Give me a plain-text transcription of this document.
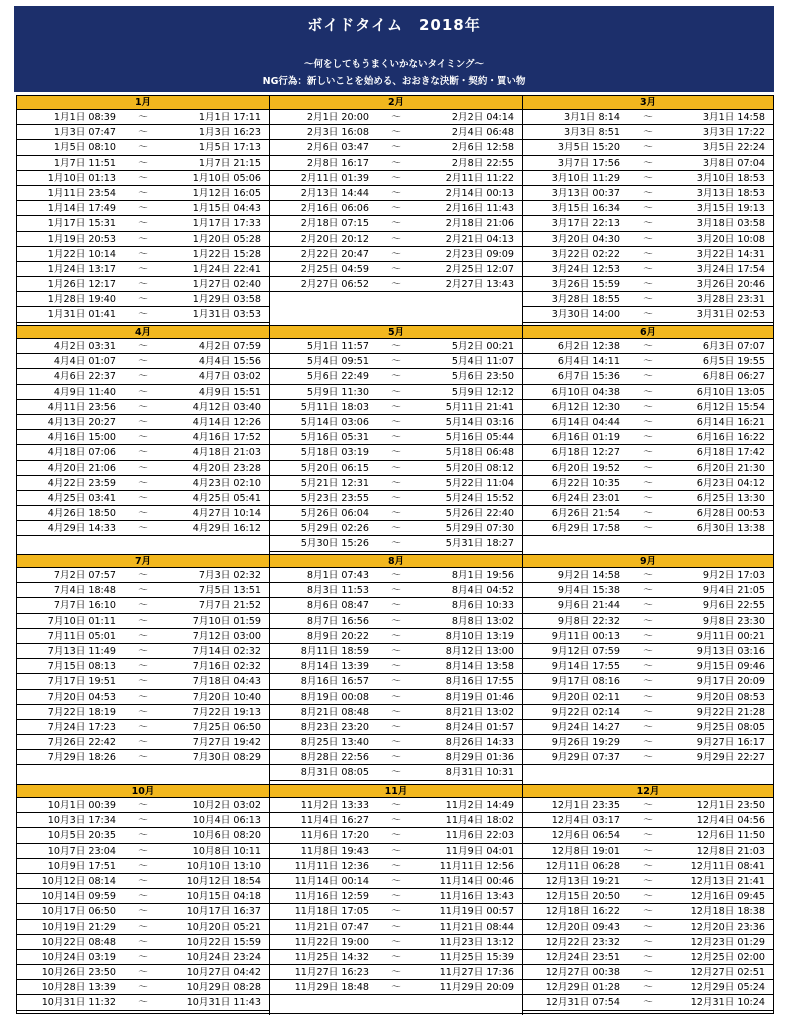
ボイドタイム　2018年
～何をしてもうまくいかないタイミング～
NG行為：新しいことを始める、おおきな決断・契約・買い物
1月
1月1日 08:39 ～	1月1日 17:11
1月3日 07:47 ～	1月3日 16:23
1月5日 08:10 ～	1月5日 17:13
1月7日 11:51 ～	1月7日 21:15
1月10日 01:13 ～	1月10日 05:06
1月11日 23:54 ～	1月12日 16:05
1月14日 17:49 ～	1月15日 04:43
1月17日 15:31 ～	1月17日 17:33
1月19日 20:53 ～	1月20日 05:28
1月22日 10:14 ～	1月22日 15:28
1月24日 13:17 ～	1月24日 22:41
1月26日 12:17 ～	1月27日 02:40
1月28日 19:40 ～	1月29日 03:58
1月31日 01:41 ～	1月31日 03:53
2月
2月1日 20:00 ～	2月2日 04:14
2月3日 16:08 ～	2月4日 06:48
2月6日 03:47 ～	2月6日 12:58
2月8日 16:17 ～	2月8日 22:55
2月11日 01:39 ～	2月11日 11:22
2月13日 14:44 ～	2月14日 00:13
2月16日 06:06 ～	2月16日 11:43
2月18日 07:15 ～	2月18日 21:06
2月20日 20:12 ～	2月21日 04:13
2月22日 20:47 ～	2月23日 09:09
2月25日 04:59 ～	2月25日 12:07
2月27日 06:52 ～	2月27日 13:43
3月
3月1日 8:14 ～	3月1日 14:58
3月3日 8:51 ～	3月3日 17:22
3月5日 15:20 ～	3月5日 22:24
3月7日 17:56 ～	3月8日 07:04
3月10日 11:29 ～	3月10日 18:53
3月13日 00:37 ～	3月13日 18:53
3月15日 16:34 ～	3月15日 19:13
3月17日 22:13 ～	3月18日 03:58
3月20日 04:30 ～	3月20日 10:08
3月22日 02:22 ～	3月22日 14:31
3月24日 12:53 ～	3月24日 17:54
3月26日 15:59 ～	3月26日 20:46
3月28日 18:55 ～	3月28日 23:31
3月30日 14:00 ～	3月31日 02:53
4月
4月2日 03:31 ～	4月2日 07:59
4月4日 01:07 ～	4月4日 15:56
4月6日 22:37 ～	4月7日 03:02
4月9日 11:40 ～	4月9日 15:51
4月11日 23:56 ～	4月12日 03:40
4月13日 20:27 ～	4月14日 12:26
4月16日 15:00 ～	4月16日 17:52
4月18日 07:06 ～	4月18日 21:03
4月20日 21:06 ～	4月20日 23:28
4月22日 23:59 ～	4月23日 02:10
4月25日 03:41 ～	4月25日 05:41
4月26日 18:50 ～	4月27日 10:14
4月29日 14:33 ～	4月29日 16:12
5月
5月1日 11:57 ～	5月2日 00:21
5月4日 09:51 ～	5月4日 11:07
5月6日 22:49 ～	5月6日 23:50
5月9日 11:30 ～	5月9日 12:12
5月11日 18:03 ～	5月11日 21:41
5月14日 03:06 ～	5月14日 03:16
5月16日 05:31 ～	5月16日 05:44
5月18日 03:19 ～	5月18日 06:48
5月20日 06:15 ～	5月20日 08:12
5月21日 12:31 ～	5月22日 11:04
5月23日 23:55 ～	5月24日 15:52
5月26日 06:04 ～	5月26日 22:40
5月29日 02:26 ～	5月29日 07:30
5月30日 15:26 ～	5月31日 18:27
6月
6月2日 12:38 ～	6月3日 07:07
6月4日 14:11 ～	6月5日 19:55
6月7日 15:36 ～	6月8日 06:27
6月10日 04:38 ～	6月10日 13:05
6月12日 12:30 ～	6月12日 15:54
6月14日 04:44 ～	6月14日 16:21
6月16日 01:19 ～	6月16日 16:22
6月18日 12:27 ～	6月18日 17:42
6月20日 19:52 ～	6月20日 21:30
6月22日 10:35 ～	6月23日 04:12
6月24日 23:01 ～	6月25日 13:30
6月26日 21:54 ～	6月28日 00:53
6月29日 17:58 ～	6月30日 13:38
7月
7月2日 07:57 ～	7月3日 02:32
7月4日 18:48 ～	7月5日 13:51
7月7日 16:10 ～	7月7日 21:52
7月10日 01:11 ～	7月10日 01:59
7月11日 05:01 ～	7月12日 03:00
7月13日 11:49 ～	7月14日 02:32
7月15日 08:13 ～	7月16日 02:32
7月17日 19:51 ～	7月18日 04:43
7月20日 04:53 ～	7月20日 10:40
7月22日 18:19 ～	7月22日 19:13
7月24日 17:23 ～	7月25日 06:50
7月26日 22:42 ～	7月27日 19:42
7月29日 18:26 ～	7月30日 08:29
8月
8月1日 07:43 ～	8月1日 19:56
8月3日 11:53 ～	8月4日 04:52
8月6日 08:47 ～	8月6日 10:33
8月7日 16:56 ～	8月8日 13:02
8月9日 20:22 ～	8月10日 13:19
8月11日 18:59 ～	8月12日 13:00
8月14日 13:39 ～	8月14日 13:58
8月16日 16:57 ～	8月16日 17:55
8月19日 00:08 ～	8月19日 01:46
8月21日 08:48 ～	8月21日 13:02
8月23日 23:20 ～	8月24日 01:57
8月25日 13:40 ～	8月26日 14:33
8月28日 22:56 ～	8月29日 01:36
8月31日 08:05 ～	8月31日 10:31
9月
9月2日 14:58 ～	9月2日 17:03
9月4日 15:38 ～	9月4日 21:05
9月6日 21:44 ～	9月6日 22:55
9月8日 22:32 ～	9月8日 23:30
9月11日 00:13 ～	9月11日 00:21
9月12日 07:59 ～	9月13日 03:16
9月14日 17:55 ～	9月15日 09:46
9月17日 08:16 ～	9月17日 20:09
9月20日 02:11 ～	9月20日 08:53
9月22日 02:14 ～	9月22日 21:28
9月24日 14:27 ～	9月25日 08:05
9月26日 19:29 ～	9月27日 16:17
9月29日 07:37 ～	9月29日 22:27
10月
10月1日 00:39 ～	10月2日 03:02
10月3日 17:34 ～	10月4日 06:13
10月5日 20:35 ～	10月6日 08:20
10月7日 23:04 ～	10月8日 10:11
10月9日 17:51 ～	10月10日 13:10
10月12日 08:14 ～	10月12日 18:54
10月14日 09:59 ～	10月15日 04:18
10月17日 06:50 ～	10月17日 16:37
10月19日 21:29 ～	10月20日 05:21
10月22日 08:48 ～	10月22日 15:59
10月24日 03:19 ～	10月24日 23:24
10月26日 23:50 ～	10月27日 04:42
10月28日 13:39 ～	10月29日 08:28
10月31日 11:32 ～	10月31日 11:43
11月
11月2日 13:33 ～	11月2日 14:49
11月4日 16:27 ～	11月4日 18:02
11月6日 17:20 ～	11月6日 22:03
11月8日 19:43 ～	11月9日 04:01
11月11日 12:36 ～	11月11日 12:56
11月14日 00:14 ～	11月14日 00:46
11月16日 12:59 ～	11月16日 13:43
11月18日 17:05 ～	11月19日 00:57
11月21日 07:47 ～	11月21日 08:44
11月22日 19:00 ～	11月23日 13:12
11月25日 14:32 ～	11月25日 15:39
11月27日 16:23 ～	11月27日 17:36
11月29日 18:48 ～	11月29日 20:09
12月
12月1日 23:35 ～	12月1日 23:50
12月4日 03:17 ～	12月4日 04:56
12月6日 06:54 ～	12月6日 11:50
12月8日 19:01 ～	12月8日 21:03
12月11日 06:28 ～	12月11日 08:41
12月13日 19:21 ～	12月13日 21:41
12月15日 20:50 ～	12月16日 09:45
12月18日 16:22 ～	12月18日 18:38
12月20日 09:43 ～	12月20日 23:36
12月22日 23:32 ～	12月23日 01:29
12月24日 23:51 ～	12月25日 02:00
12月27日 00:38 ～	12月27日 02:51
12月29日 01:28 ～	12月29日 05:24
12月31日 07:54 ～	12月31日 10:24
